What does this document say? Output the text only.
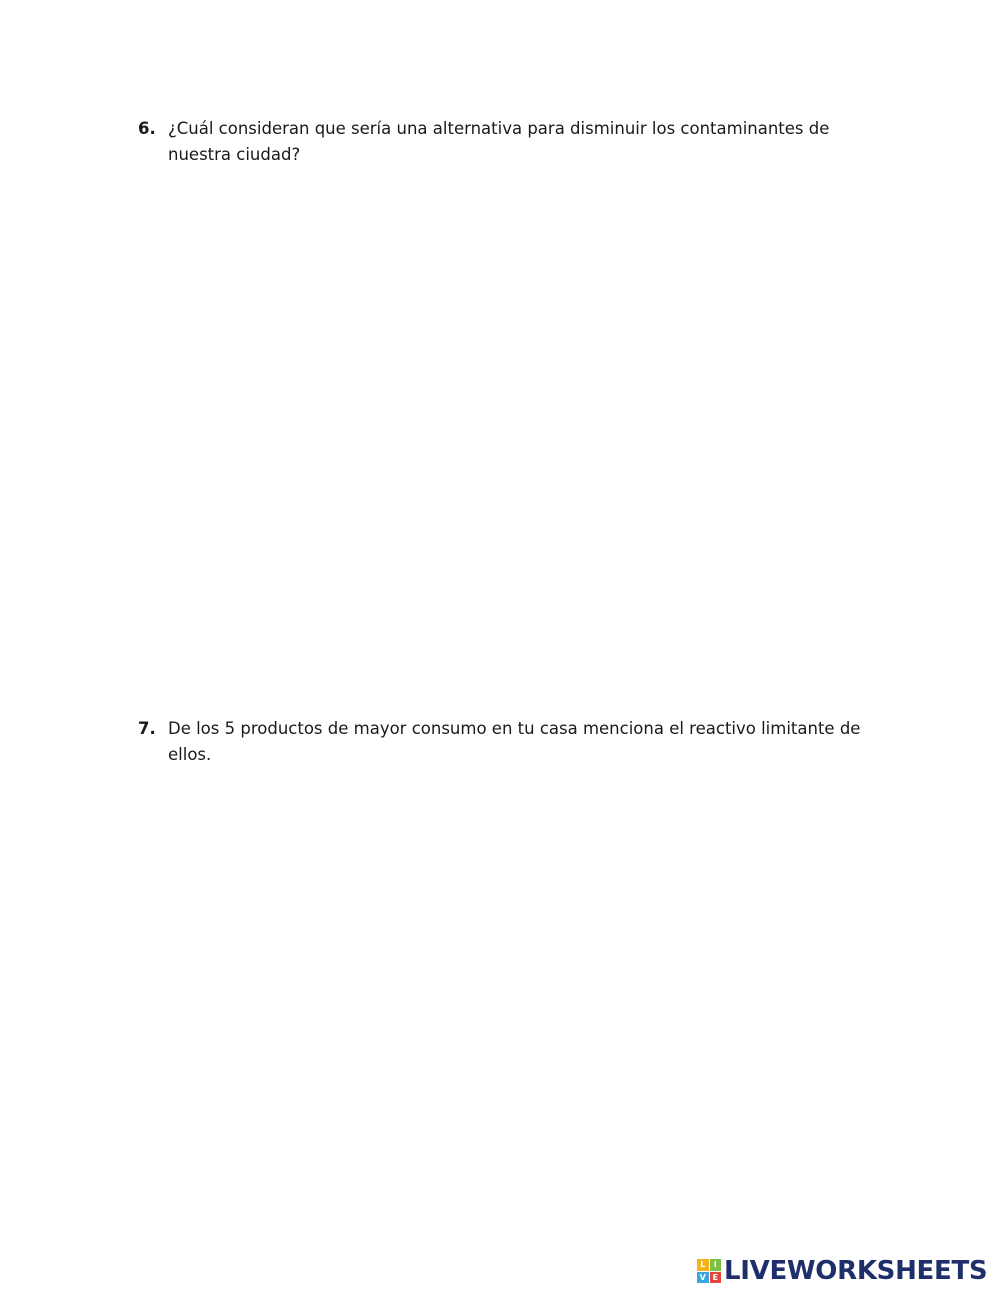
6. ¿Cuál consideran que sería una alternativa para disminuir los contaminantes de nuestra ciudad?
7. De los 5 productos de mayor consumo en tu casa menciona el reactivo limitante de ellos.
L	I
V E LIVEWORKSHEETS
